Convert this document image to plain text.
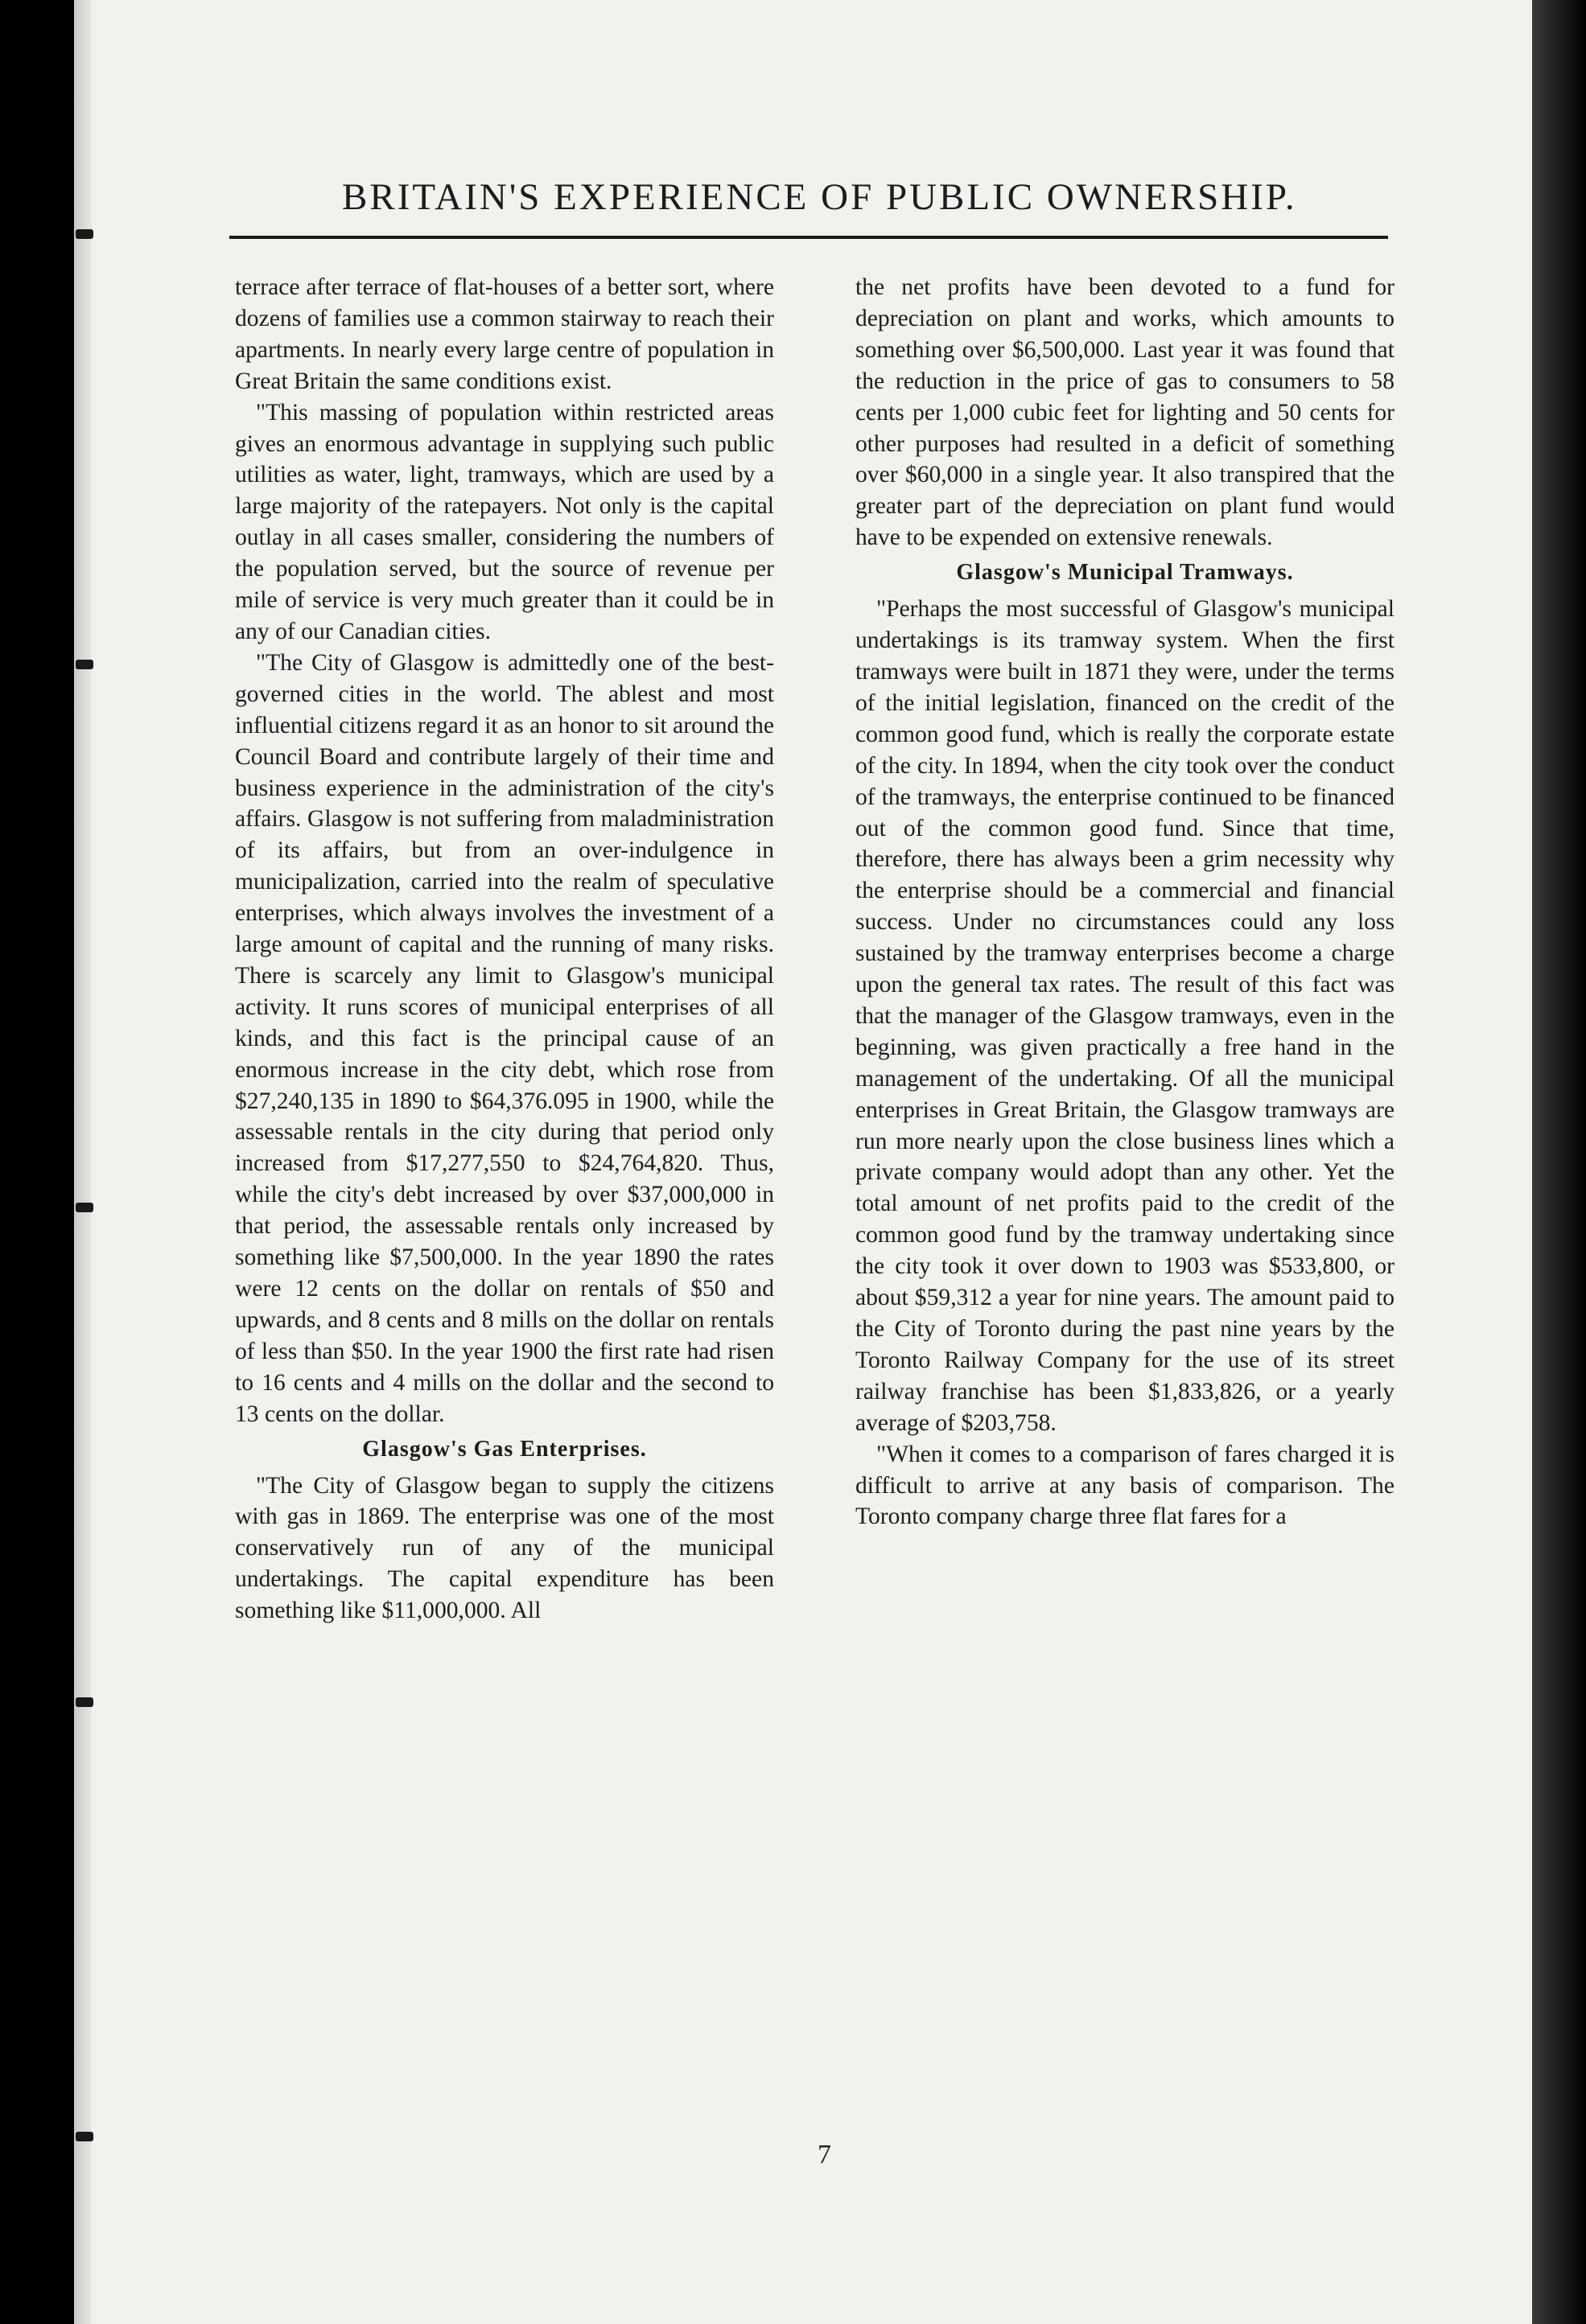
BRITAIN'S EXPERIENCE OF PUBLIC OWNERSHIP.

terrace after terrace of flat-houses of a better sort, where dozens of families use a common stairway to reach their apartments. In nearly every large centre of population in Great Britain the same conditions exist.

"This massing of population within restricted areas gives an enormous advantage in supplying such public utilities as water, light, tramways, which are used by a large majority of the ratepayers. Not only is the capital outlay in all cases smaller, considering the numbers of the population served, but the source of revenue per mile of service is very much greater than it could be in any of our Canadian cities.

"The City of Glasgow is admittedly one of the best-governed cities in the world. The ablest and most influential citizens regard it as an honor to sit around the Council Board and contribute largely of their time and business experience in the administration of the city's affairs. Glasgow is not suffering from maladministration of its affairs, but from an over-indulgence in municipalization, carried into the realm of speculative enterprises, which always involves the investment of a large amount of capital and the running of many risks. There is scarcely any limit to Glasgow's municipal activity. It runs scores of municipal enterprises of all kinds, and this fact is the principal cause of an enormous increase in the city debt, which rose from $27,240,135 in 1890 to $64,376.095 in 1900, while the assessable rentals in the city during that period only increased from $17,277,550 to $24,764,820. Thus, while the city's debt increased by over $37,000,000 in that period, the assessable rentals only increased by something like $7,500,000. In the year 1890 the rates were 12 cents on the dollar on rentals of $50 and upwards, and 8 cents and 8 mills on the dollar on rentals of less than $50. In the year 1900 the first rate had risen to 16 cents and 4 mills on the dollar and the second to 13 cents on the dollar.

Glasgow's Gas Enterprises.

"The City of Glasgow began to supply the citizens with gas in 1869. The enterprise was one of the most conservatively run of any of the municipal undertakings. The capital expenditure has been something like $11,000,000. All

the net profits have been devoted to a fund for depreciation on plant and works, which amounts to something over $6,500,000. Last year it was found that the reduction in the price of gas to consumers to 58 cents per 1,000 cubic feet for lighting and 50 cents for other purposes had resulted in a deficit of something over $60,000 in a single year. It also transpired that the greater part of the depreciation on plant fund would have to be expended on extensive renewals.

Glasgow's Municipal Tramways.

"Perhaps the most successful of Glasgow's municipal undertakings is its tramway system. When the first tramways were built in 1871 they were, under the terms of the initial legislation, financed on the credit of the common good fund, which is really the corporate estate of the city. In 1894, when the city took over the conduct of the tramways, the enterprise continued to be financed out of the common good fund. Since that time, therefore, there has always been a grim necessity why the enterprise should be a commercial and financial success. Under no circumstances could any loss sustained by the tramway enterprises become a charge upon the general tax rates. The result of this fact was that the manager of the Glasgow tramways, even in the beginning, was given practically a free hand in the management of the undertaking. Of all the municipal enterprises in Great Britain, the Glasgow tramways are run more nearly upon the close business lines which a private company would adopt than any other. Yet the total amount of net profits paid to the credit of the common good fund by the tramway undertaking since the city took it over down to 1903 was $533,800, or about $59,312 a year for nine years. The amount paid to the City of Toronto during the past nine years by the Toronto Railway Company for the use of its street railway franchise has been $1,833,826, or a yearly average of $203,758.

"When it comes to a comparison of fares charged it is difficult to arrive at any basis of comparison. The Toronto company charge three flat fares for a

7
